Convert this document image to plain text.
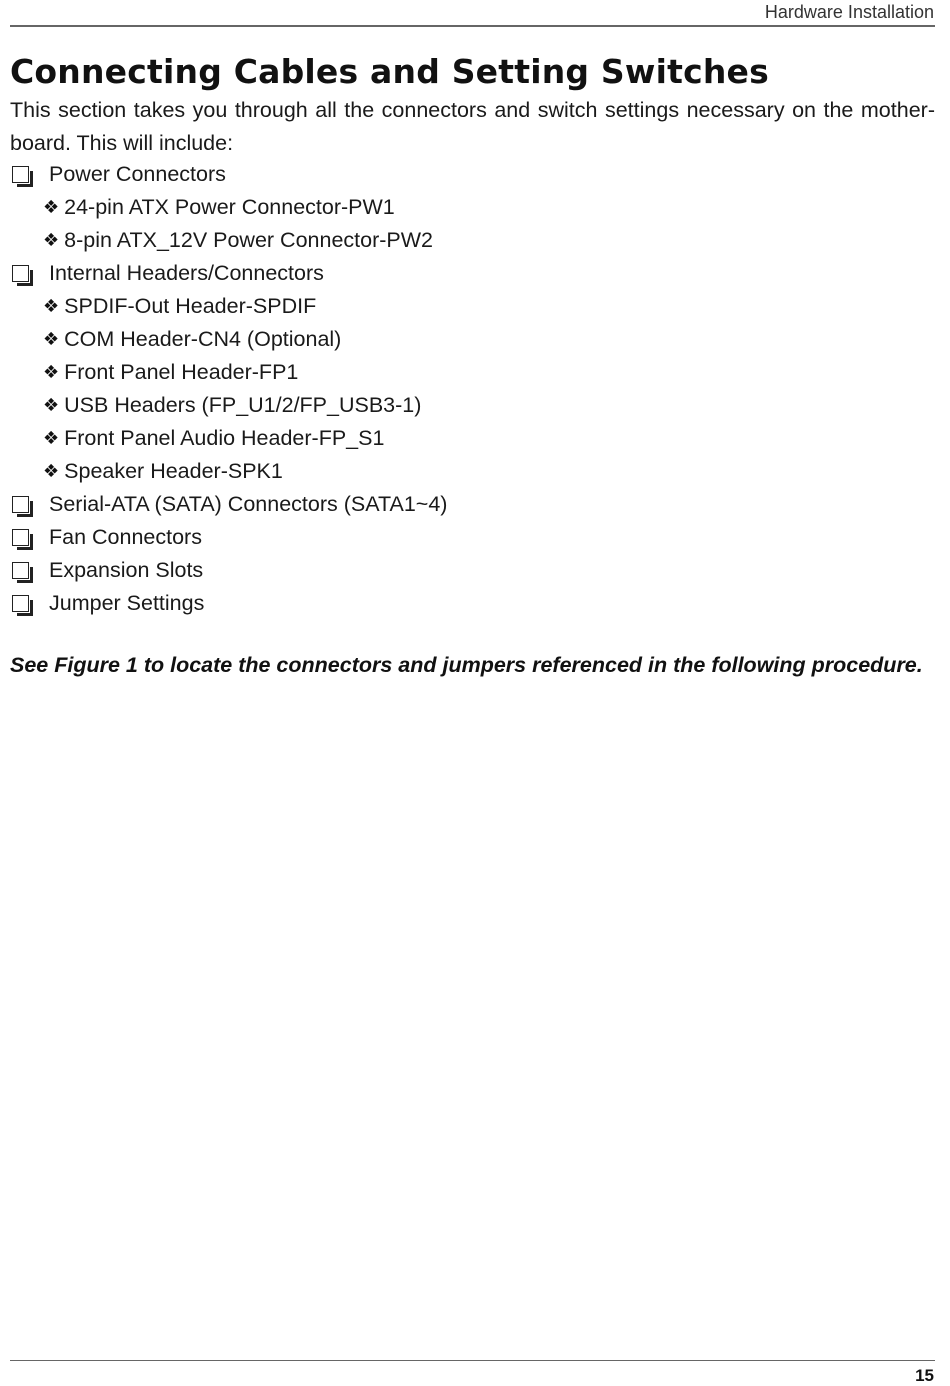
Hardware Installation
Connecting Cables and Setting Switches

This section takes you through all the connectors and switch settings necessary on the motherboard. This will include:

Power Connectors
❖ 24-pin ATX Power Connector-PW1
❖ 8-pin ATX_12V Power Connector-PW2
Internal Headers/Connectors
❖ SPDIF-Out Header-SPDIF
❖ COM Header-CN4 (Optional)
❖ Front Panel Header-FP1
❖ USB Headers (FP_U1/2/FP_USB3-1)
❖ Front Panel Audio Header-FP_S1
❖ Speaker Header-SPK1
Serial-ATA (SATA) Connectors (SATA1~4)
Fan Connectors
Expansion Slots
Jumper Settings

See Figure 1 to locate the connectors and jumpers referenced in the following procedure.

15
